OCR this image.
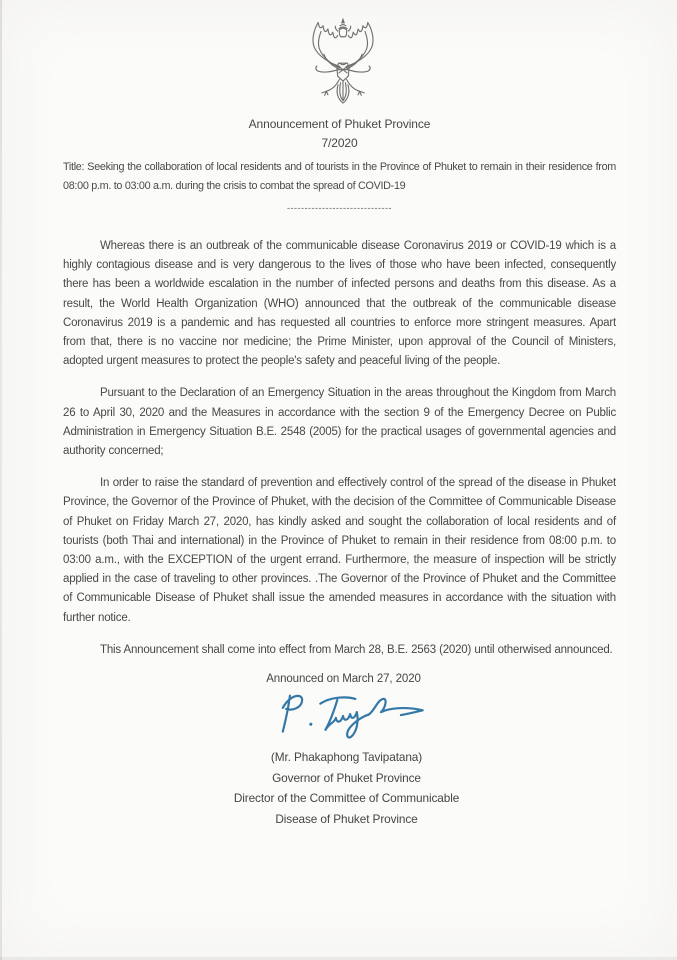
Announcement of Phuket Province
7/2020
Title: Seeking the collaboration of local residents and of tourists in the Province of Phuket to remain in their residence from 08:00 p.m. to 03:00 a.m. during the crisis to combat the spread of COVID-19
------------------------------

Whereas there is an outbreak of the communicable disease Coronavirus 2019 or COVID-19 which is a highly contagious disease and is very dangerous to the lives of those who have been infected, consequently there has been a worldwide escalation in the number of infected persons and deaths from this disease. As a result, the World Health Organization (WHO) announced that the outbreak of the communicable disease Coronavirus 2019 is a pandemic and has requested all countries to enforce more stringent measures. Apart from that, there is no vaccine nor medicine; the Prime Minister, upon approval of the Council of Ministers, adopted urgent measures to protect the people's safety and peaceful living of the people.

Pursuant to the Declaration of an Emergency Situation in the areas throughout the Kingdom from March 26 to April 30, 2020 and the Measures in accordance with the section 9 of the Emergency Decree on Public Administration in Emergency Situation B.E. 2548 (2005) for the practical usages of governmental agencies and authority concerned;

In order to raise the standard of prevention and effectively control of the spread of the disease in Phuket Province, the Governor of the Province of Phuket, with the decision of the Committee of Communicable Disease of Phuket on Friday March 27, 2020, has kindly asked and sought the collaboration of local residents and of tourists (both Thai and international) in the Province of Phuket to remain in their residence from 08:00 p.m. to 03:00 a.m., with the EXCEPTION of the urgent errand. Furthermore, the measure of inspection will be strictly applied in the case of traveling to other provinces. .The Governor of the Province of Phuket and the Committee of Communicable Disease of Phuket shall issue the amended measures in accordance with the situation with further notice.

This Announcement shall come into effect from March 28, B.E. 2563 (2020) until otherwised announced.

Announced on March 27, 2020
(Mr. Phakaphong Tavipatana)
Governor of Phuket Province
Director of the Committee of Communicable
Disease of Phuket Province
